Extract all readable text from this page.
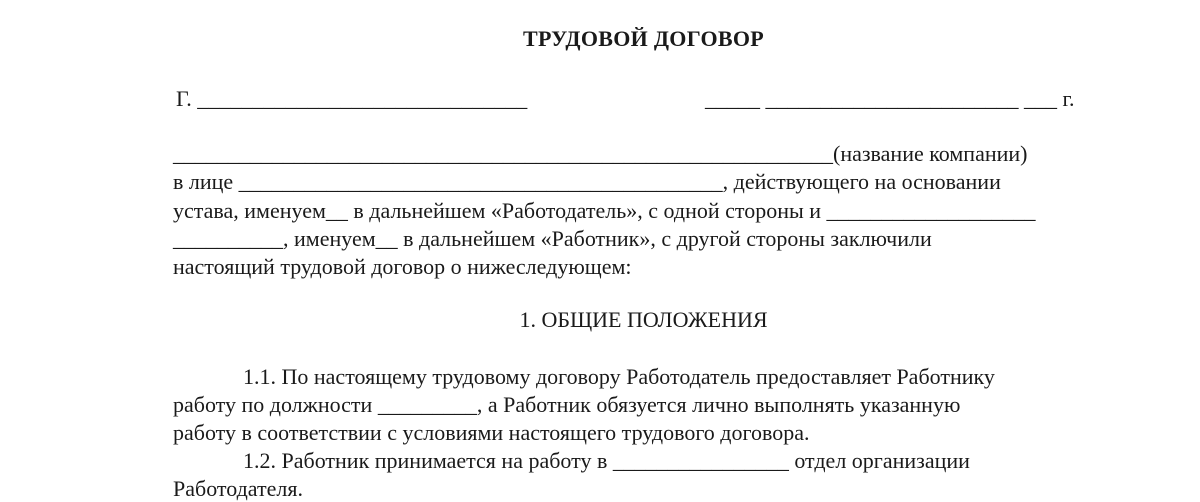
ТРУДОВОЙ ДОГОВОР
Г. ______________________________	_____ _______________________ ___ г.
____________________________________________________________(название компании)
в лице ____________________________________________, действующего на основании
устава, именуем__ в дальнейшем «Работодатель», с одной стороны и ___________________
__________, именуем__ в дальнейшем «Работник», с другой стороны заключили
настоящий трудовой договор о нижеследующем:
1. ОБЩИЕ ПОЛОЖЕНИЯ
1.1. По настоящему трудовому договору Работодатель предоставляет Работнику
работу по должности _________, а Работник обязуется лично выполнять указанную
работу в соответствии с условиями настоящего трудового договора.
1.2. Работник принимается на работу в ________________ отдел организации
Работодателя.
